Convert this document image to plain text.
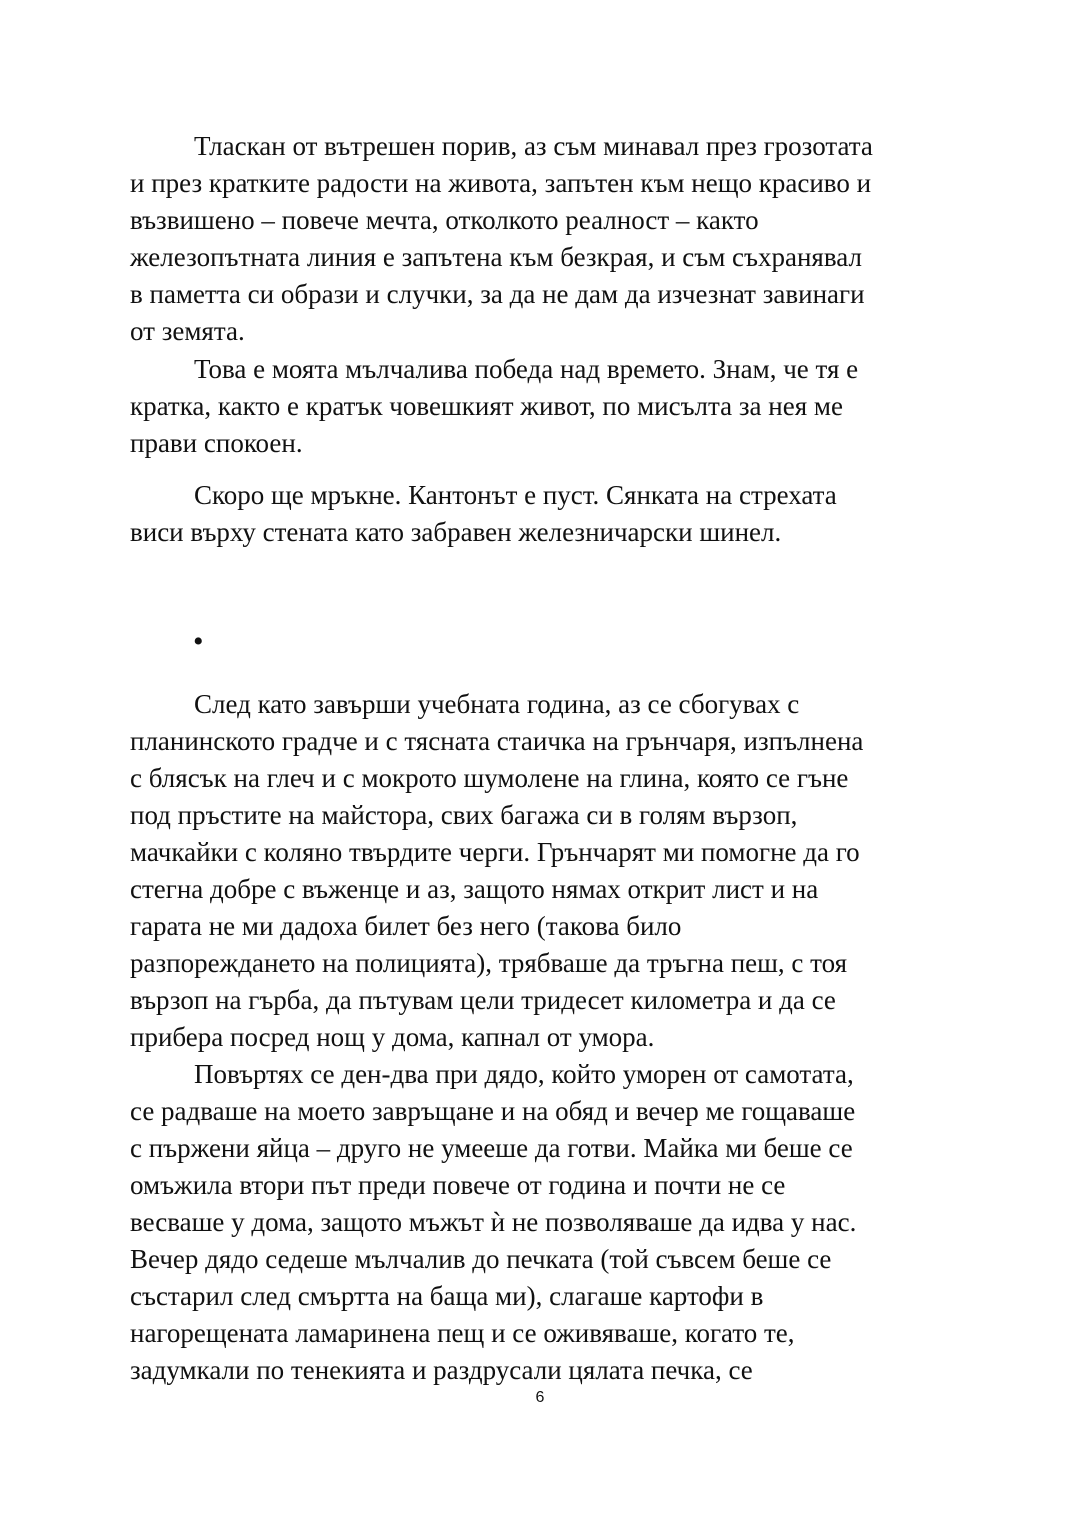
Тласкан от вътрешен порив, аз съм минавал през грозотата
и през кратките радости на живота, запътен към нещо красиво и
възвишено – повече мечта, отколкото реалност – както
железопътната линия е запътена към безкрая, и съм съхранявал
в паметта си образи и случки, за да не дам да изчезнат завинаги
от земята.
Това е моята мълчалива победа над времето. Знам, че тя е
кратка, както е кратък човешкият живот, по мисълта за нея ме
прави спокоен.
Скоро ще мръкне. Кантонът е пуст. Сянката на стрехата
виси върху стената като забравен железничарски шинел.
•
След като завърши учебната година, аз се сбогувах с
планинското градче и с тясната стаичка на грънчаря, изпълнена
с блясък на глеч и с мокрото шумолене на глина, която се гъне
под пръстите на майстора, свих багажа си в голям вързоп,
мачкайки с коляно твърдите черги. Грънчарят ми помогне да го
стегна добре с въженце и аз, защото нямах открит лист и на
гарата не ми дадоха билет без него (такова било
разпореждането на полицията), трябваше да тръгна пеш, с тоя
вързоп на гърба, да пътувам цели тридесет километра и да се
прибера посред нощ у дома, капнал от умора.
Повъртях се ден-два при дядо, който уморен от самотата,
се радваше на моето завръщане и на обяд и вечер ме гощаваше
с пържени яйца – друго не умееше да готви. Майка ми беше се
омъжила втори път преди повече от година и почти не се
весваше у дома, защото мъжът ѝ не позволяваше да идва у нас.
Вечер дядо седеше мълчалив до печката (той съвсем беше се
състарил след смъртта на баща ми), слагаше картофи в
нагорещената ламаринена пещ и се оживяваше, когато те,
задумкали по тенекията и раздрусали цялата печка, се
6
